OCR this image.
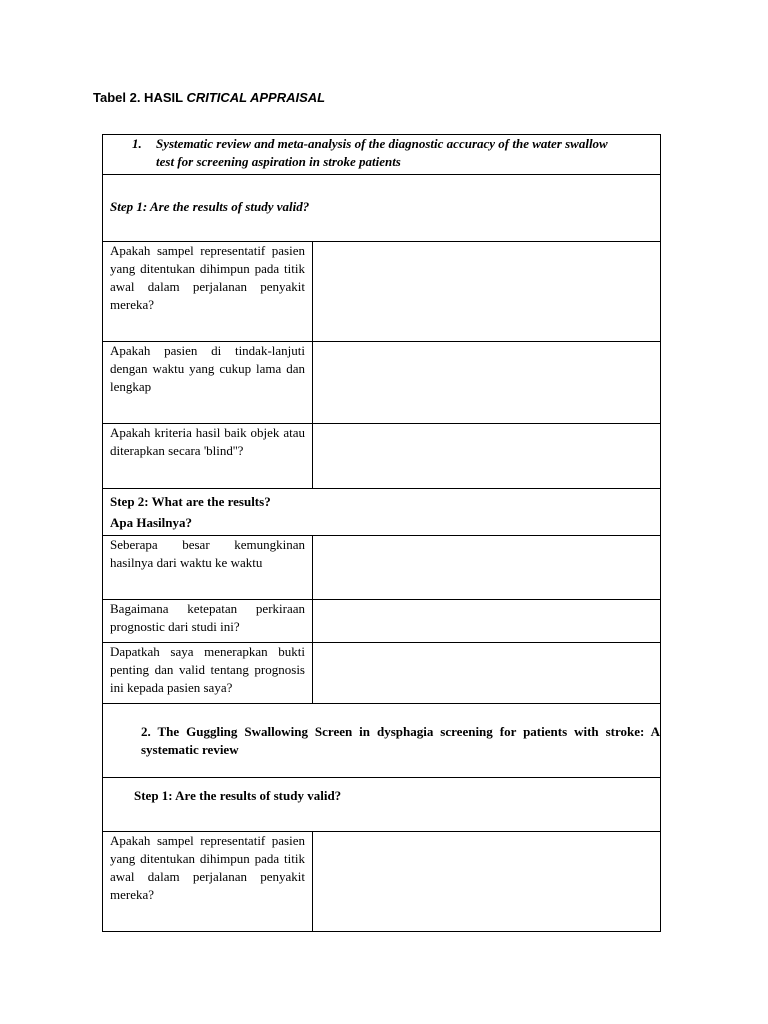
Tabel 2. HASIL CRITICAL APPRAISAL
1. Systematic review and meta-analysis of the diagnostic accuracy of the water swallow
test for screening aspiration in stroke patients	

Step 1: Are the results of study valid?	
Apakah sampel representatif pasien yang ditentukan dihimpun pada titik awal dalam perjalanan penyakit mereka?	
Apakah pasien di tindak-lanjuti dengan waktu yang cukup lama dan lengkap	
Apakah kriteria hasil baik objek atau diterapkan secara 'blind''?	

Step 2: What are the results?
Apa Hasilnya?	

Seberapa besar kemungkinan hasilnya dari waktu ke waktu	
Bagaimana ketepatan perkiraan prognostic dari studi ini?	
Dapatkah saya menerapkan bukti penting dan valid tentang prognosis ini kepada pasien saya?	
2. The Guggling Swallowing Screen in dysphagia screening for patients with stroke: A systematic review	
Step 1: Are the results of study valid?	
Apakah sampel representatif pasien yang ditentukan dihimpun pada titik awal dalam perjalanan penyakit mereka?	
